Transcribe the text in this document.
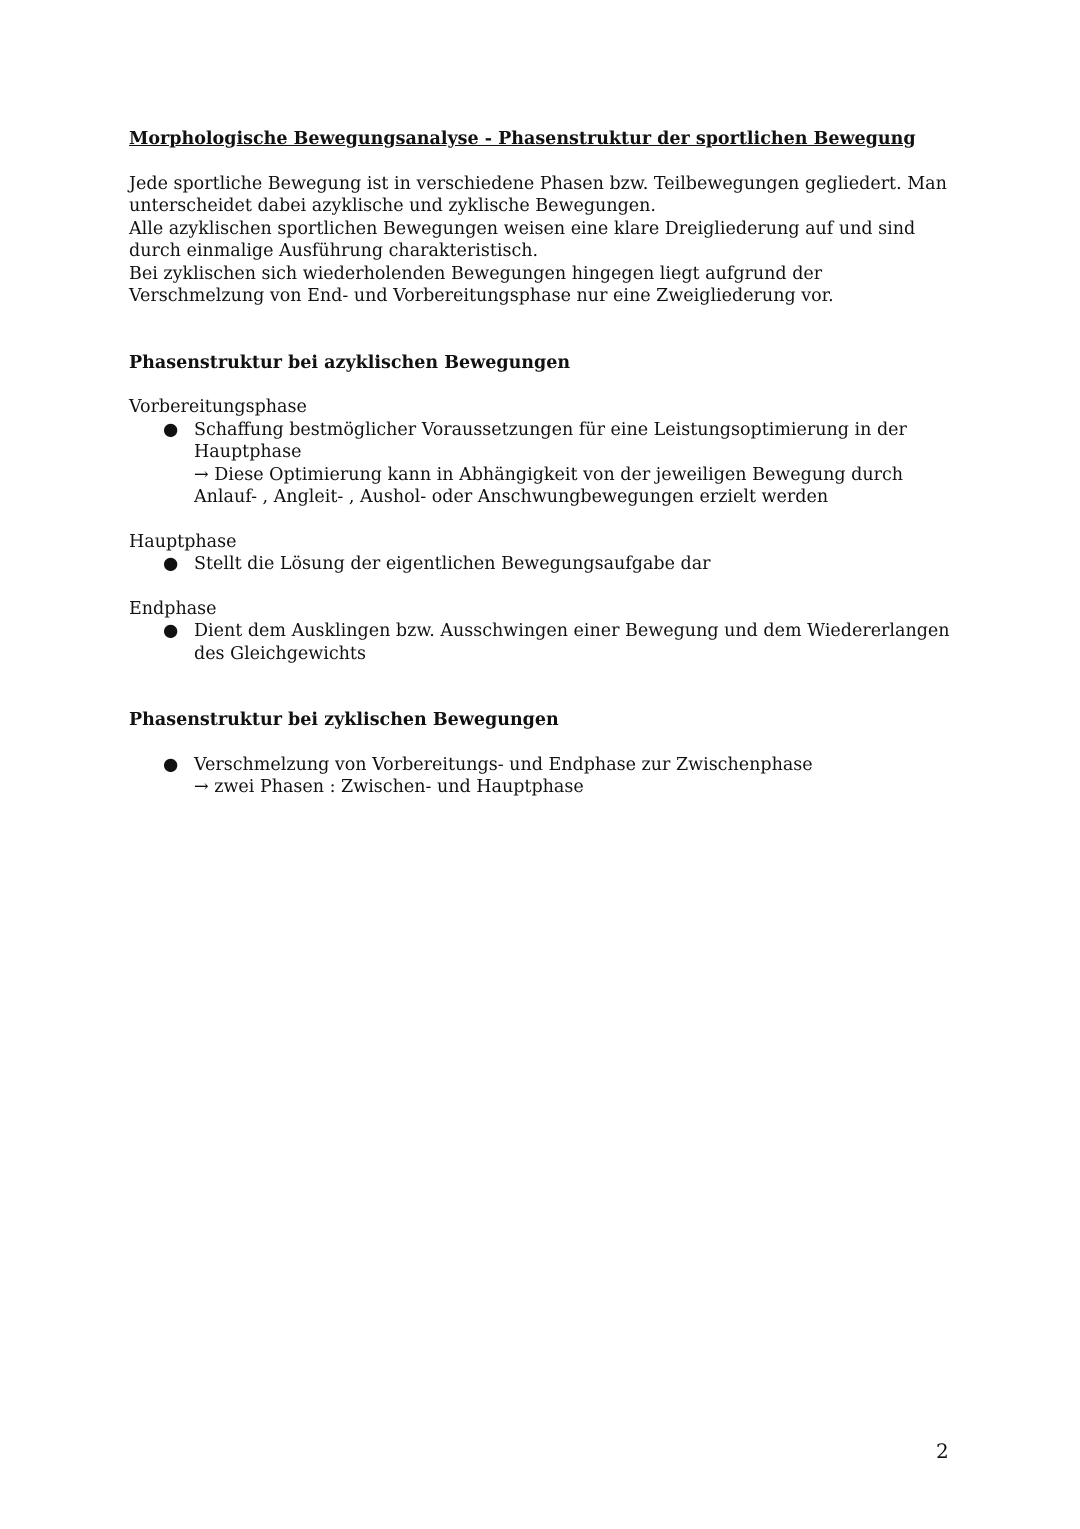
Morphologische Bewegungsanalyse - Phasenstruktur der sportlichen Bewegung

Jede sportliche Bewegung ist in verschiedene Phasen bzw. Teilbewegungen gegliedert. Man unterscheidet dabei azyklische und zyklische Bewegungen.

Alle azyklischen sportlichen Bewegungen weisen eine klare Dreigliederung auf und sind durch einmalige Ausführung charakteristisch.

Bei zyklischen sich wiederholenden Bewegungen hingegen liegt aufgrund der Verschmelzung von End- und Vorbereitungsphase nur eine Zweigliederung vor.

Phasenstruktur bei azyklischen Bewegungen
Vorbereitungsphase
● Schaffung bestmöglicher Voraussetzungen für eine Leistungsoptimierung in der Hauptphase
→ Diese Optimierung kann in Abhängigkeit von der jeweiligen Bewegung durch Anlauf- , Angleit- , Aushol- oder Anschwungbewegungen erzielt werden
Hauptphase
● Stellt die Lösung der eigentlichen Bewegungsaufgabe dar
Endphase
● Dient dem Ausklingen bzw. Ausschwingen einer Bewegung und dem Wiedererlangen des Gleichgewichts
Phasenstruktur bei zyklischen Bewegungen
● Verschmelzung von Vorbereitungs- und Endphase zur Zwischenphase
→ zwei Phasen : Zwischen- und Hauptphase
2
